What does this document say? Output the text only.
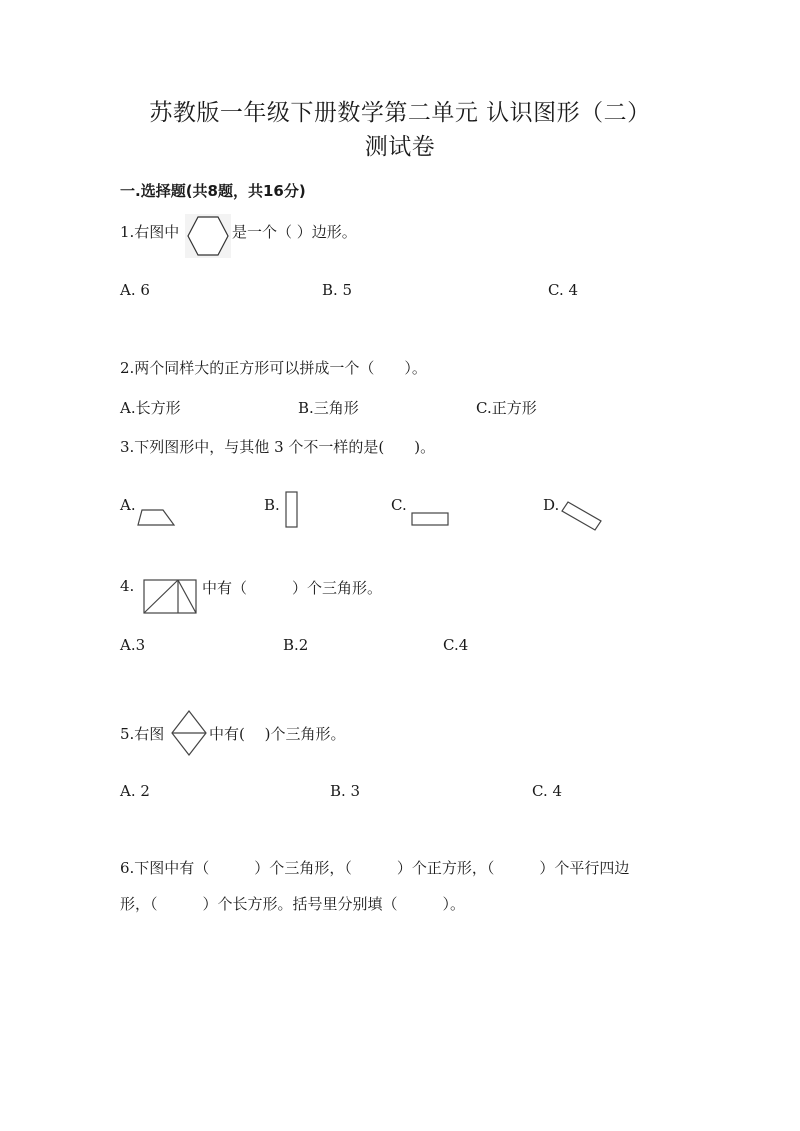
苏教版一年级下册数学第二单元 认识图形（二）
测试卷
一.选择题(共8题，共16分)
1.右图中	是一个（ ）边形。
A. 6	B. 5	C. 4
2.两个同样大的正方形可以拼成一个（　　）。
A.长方形	B.三角形	C.正方形
3.下列图形中，与其他 3 个不一样的是(　　)。
A.	B.	C.	D.
4.	中有（　　　）个三角形。
A.3	B.2	C.4
5.右图	中有(　 )个三角形。
A. 2	B. 3	C. 4
6.下图中有（　　　）个三角形，（　　　）个正方形，（　　　）个平行四边
形，（　　　）个长方形。括号里分别填（　　　）。
